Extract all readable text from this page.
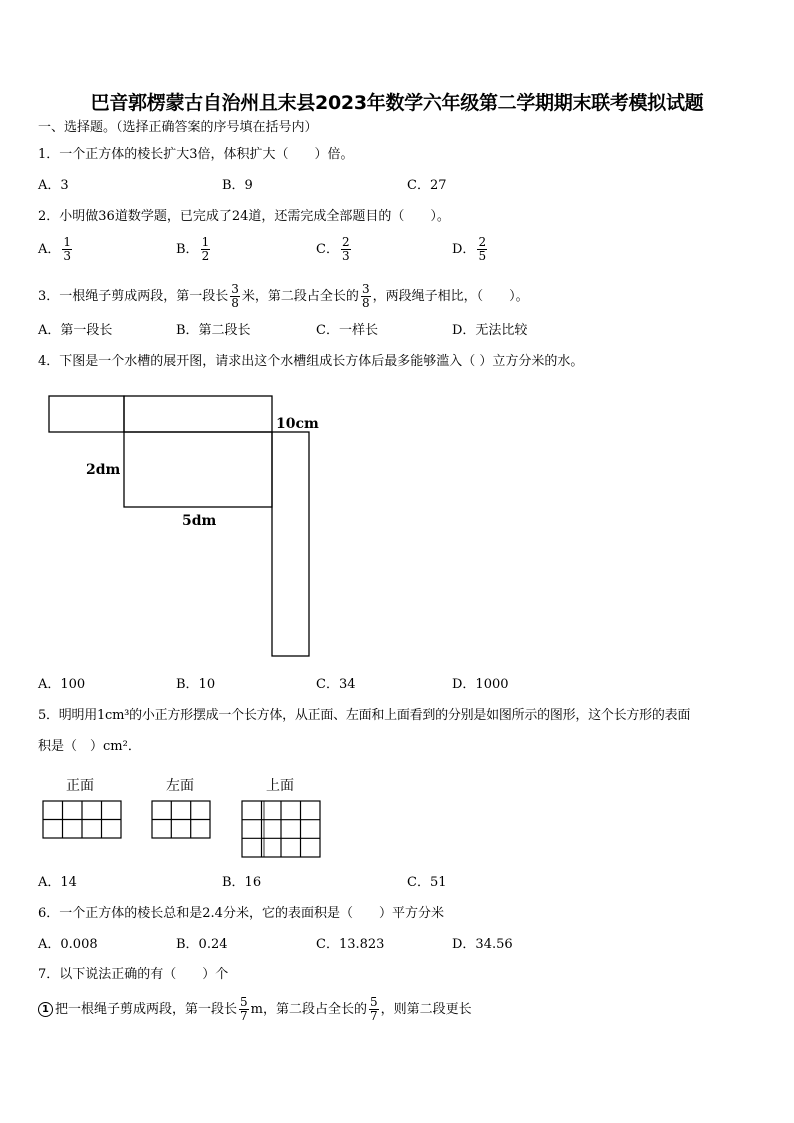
巴音郭楞蒙古自治州且末县2023年数学六年级第二学期期末联考模拟试题
一、选择题。（选择正确答案的序号填在括号内）
1．一个正方体的棱长扩大3倍，体积扩大（　　）倍。
A．3	B．9	C．27
2．小明做36道数学题，已完成了24道，还需完成全部题目的（　　）。
A． $\frac{1}{3}$	B． $\frac{1}{2}$	C． $\frac{2}{3}$	D． $\frac{2}{5}$
3．一根绳子剪成两段，第一段长 $\frac{3}{8}$ 米，第二段占全长的 $\frac{3}{8}$ ，两段绳子相比，（　　）。
A．第一段长	B．第二段长	C．一样长	D．无法比较
4．下图是一个水槽的展开图，请求出这个水槽组成长方体后最多能够滥入（ ）立方分米的水。
10cm
2dm
5dm
A．100	B．10	C．34	D．1000
5．明明用1cm³的小正方形摆成一个长方体，从正面、左面和上面看到的分别是如图所示的图形，这个长方形的表面
积是（　）cm²．
正面	左面	上面
A．14	B．16	C．51
6．一个正方体的棱长总和是2.4分米，它的表面积是（　　）平方分米
A．0.008	B．0.24	C．13.823	D．34.56
7．以下说法正确的有（　　）个
1 把一根绳子剪成两段，第一段长 $\frac{5}{7}$ m，第二段占全长的 $\frac{5}{7}$ ，则第二段更长
